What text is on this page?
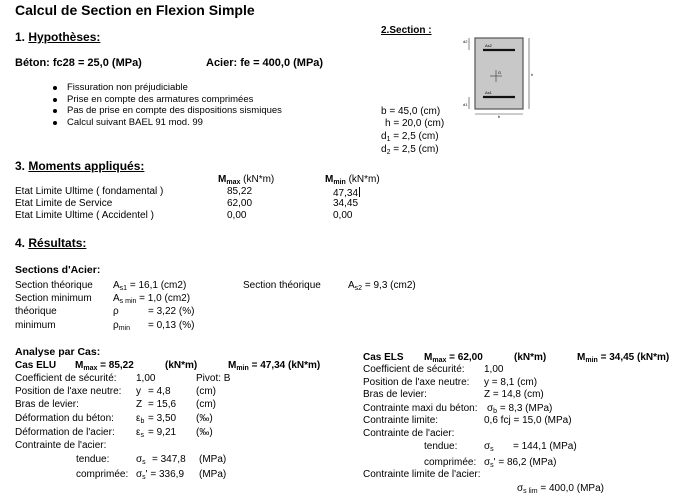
Calcul de Section en Flexion Simple
1. Hypothèses:
Béton: fc28 = 25,0 (MPa)	Acier: fe = 400,0 (MPa)
Fissuration non préjudiciable
Prise en compte des armatures comprimées
Pas de prise en compte des dispositions sismiques
Calcul suivant BAEL 91 mod. 99
2.Section :
d2
d1
As2
As1
G	h
b
b = 45,0 (cm)
h = 20,0 (cm)
$d_1 = 2,5$ (cm)
$d_2 = 2,5$ (cm)
3. Moments appliqués:
$M_{max}$ (kN*m)	$M_{min}$ (kN*m)
Etat Limite Ultime ( fondamental )	85,22	47,34
Etat Limite de Service	62,00	34,45
Etat Limite Ultime ( Accidentel )	0,00	0,00
4. Résultats:
Sections d'Acier:
Section théorique $A_{s1} = 16,1$ (cm2)	Section théorique	$A_{s2} = 9,3$ (cm2)
Section minimum $A_{s min} = 1,0$ (cm2)
théorique	ρ	= 3,22 (%)
minimum	$\rho_{min} = 0,13$ (%)
Analyse par Cas:
Cas ELU $M_{max} = 85,22$	(kN*m)	$M_{min} = 47,34$ (kN*m)
Coefficient de sécurité: 1,00	Pivot: B
Position de l'axe neutre: y = 4,8	(cm)
Bras de levier:	Z = 15,6 (cm)
Déformation du béton: $\varepsilon_b = 3,50$ (‰)
Déformation de l'acier: $\varepsilon_s = 9,21$ (‰)
Contrainte de l'acier:
tendue:	$\sigma_s = 347,8$ (MPa)
comprimée: $\sigma_s' = 336,9$ (MPa)
Cas ELS $M_{max} = 62,00$	(kN*m)	$M_{min} = 34,45$ (kN*m)
Coefficient de sécurité: 1,00
Position de l'axe neutre: y = 8,1 (cm)
Bras de levier:	Z = 14,8 (cm)
Contrainte maxi du béton: $\sigma_b = 8,3$ (MPa)
Contrainte limite:	0,6 fcj = 15,0 (MPa)
Contrainte de l'acier:
tendue:	$\sigma_s = 144,1$ (MPa)
comprimée: $\sigma_s' = 86,2$ (MPa)
Contrainte limite de l'acier:
$\sigma_{s lim} = 400,0$ (MPa)
